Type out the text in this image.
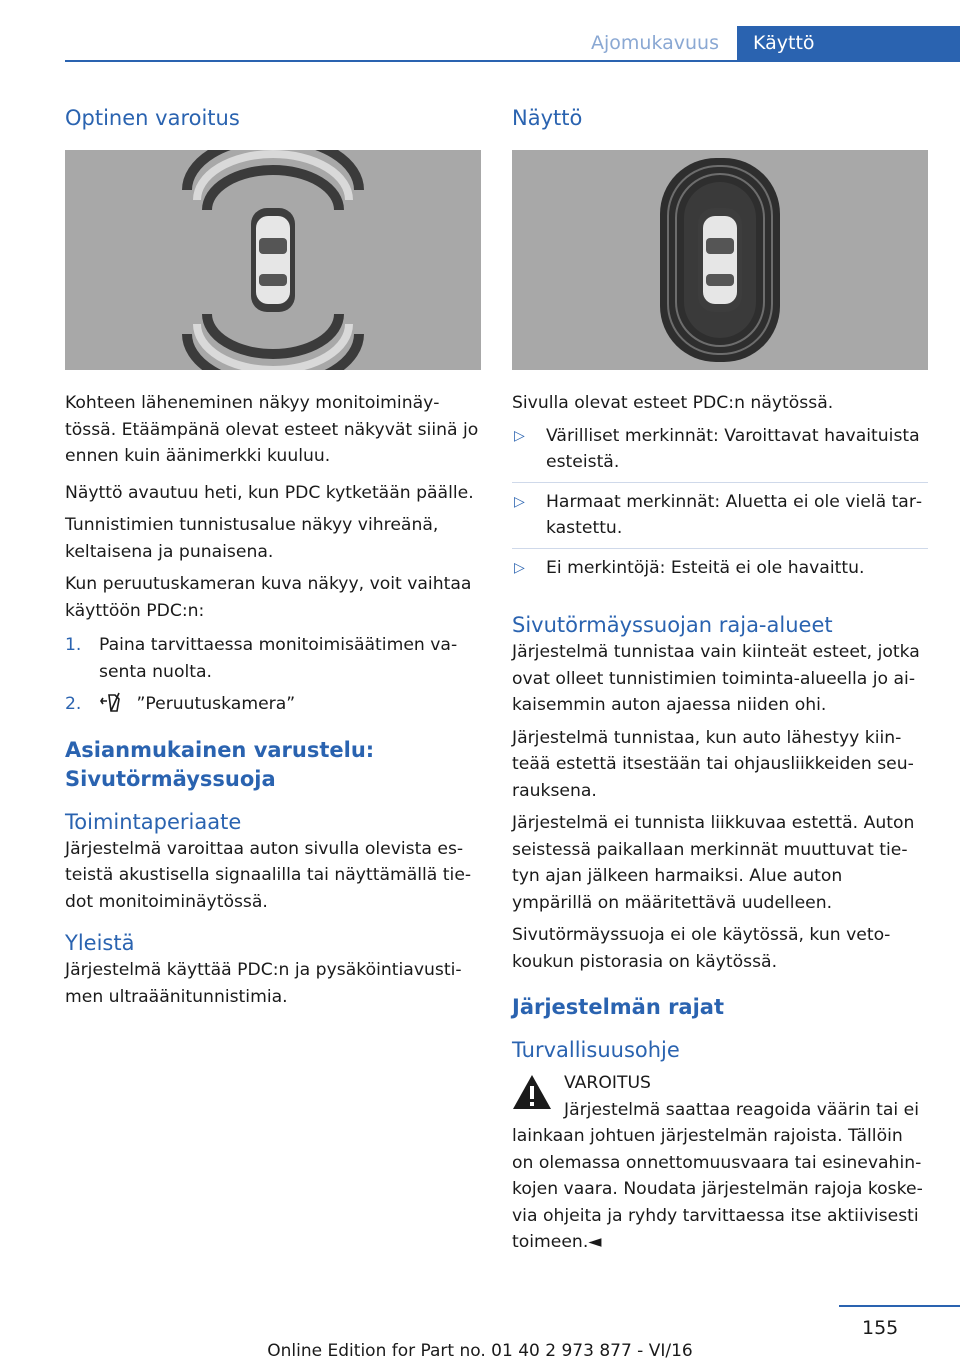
Ajomukavuus	Käyttö
Optinen varoitus

Kohteen läheneminen näkyy monitoiminäytössä. Etäämpänä olevat esteet näkyvät siinä jo ennen kuin äänimerkki kuuluu.

Näyttö avautuu heti, kun PDC kytketään päälle.

Tunnistimien tunnistusalue näkyy vihreänä, keltaisena ja punaisena.

Kun peruutuskameran kuva näkyy, voit vaihtaa käyttöön PDC:n:

1. Paina tarvittaessa monitoimisäätimen vasenta nuolta.
2.	”Peruutuskamera”
Asianmukainen varustelu: Sivutörmäyssuoja
Toimintaperiaate

Järjestelmä varoittaa auton sivulla olevista esteistä akustisella signaalilla tai näyttämällä tiedot monitoiminäytössä.

Yleistä

Järjestelmä käyttää PDC:n ja pysäköintiavustimen ultraäänitunnistimia.

Näyttö

Sivulla olevat esteet PDC:n näytössä.

▷ Värilliset merkinnät: Varoittavat havaituista esteistä.
▷ Harmaat merkinnät: Aluetta ei ole vielä tarkastettu.
▷ Ei merkintöjä: Esteitä ei ole havaittu.
Sivutörmäyssuojan raja-alueet

Järjestelmä tunnistaa vain kiinteät esteet, jotka ovat olleet tunnistimien toiminta-alueella jo aikaisemmin auton ajaessa niiden ohi.

Järjestelmä tunnistaa, kun auto lähestyy kiinteää estettä itsestään tai ohjausliikkeiden seurauksena.

Järjestelmä ei tunnista liikkuvaa estettä. Auton seistessä paikallaan merkinnät muuttuvat tietyn ajan jälkeen harmaiksi. Alue auton ympärillä on määritettävä uudelleen.

Sivutörmäyssuoja ei ole käytössä, kun vetokoukun pistorasia on käytössä.

Järjestelmän rajat
Turvallisuusohje

VAROITUS

Järjestelmä saattaa reagoida väärin tai ei

lainkaan johtuen järjestelmän rajoista. Tällöin on olemassa onnettomuusvaara tai esinevahinkojen vaara. Noudata järjestelmän rajoja koskevia ohjeita ja ryhdy tarvittaessa itse aktiivisesti toimeen.◄

155
Online Edition for Part no. 01 40 2 973 877 - VI/16
